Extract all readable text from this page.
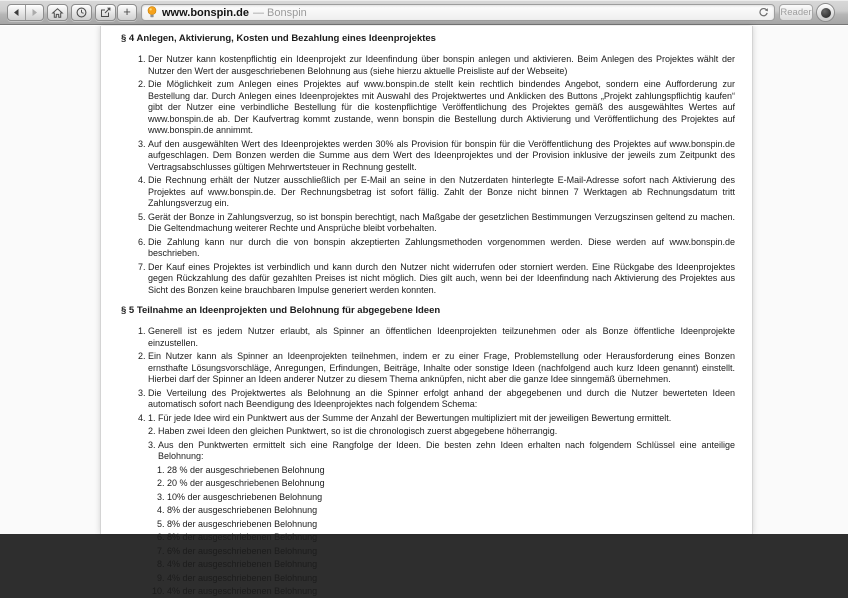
+	www.bonspin.de — Bonspin	Reader
§ 4 Anlegen, Aktivierung, Kosten und Bezahlung eines Ideenprojektes
1. Der Nutzer kann kostenpflichtig ein Ideenprojekt zur Ideenfindung über bonspin anlegen und aktivieren. Beim Anlegen des Projektes wählt der Nutzer den Wert der ausgeschriebenen Belohnung aus (siehe hierzu aktuelle Preisliste auf der Webseite)
2. Die Möglichkeit zum Anlegen eines Projektes auf www.bonspin.de stellt kein rechtlich bindendes Angebot, sondern eine Aufforderung zur Bestellung dar. Durch Anlegen eines Ideenprojektes mit Auswahl des Projektwertes und Anklicken des Buttons „Projekt zahlungspflichtig kaufen“ gibt der Nutzer eine verbindliche Bestellung für die kostenpflichtige Veröffentlichung des Projektes gemäß des ausgewähltes Wertes auf www.bonspin.de ab. Der Kaufvertrag kommt zustande, wenn bonspin die Bestellung durch Aktivierung und Veröffentlichung des Projektes auf www.bonspin.de annimmt.
3. Auf den ausgewählten Wert des Ideenprojektes werden 30% als Provision für bonspin für die Veröffentlichung des Projektes auf www.bonspin.de aufgeschlagen. Dem Bonzen werden die Summe aus dem Wert des Ideenprojektes und der Provision inklusive der jeweils zum Zeitpunkt des Vertragsabschlusses gültigen Mehrwertsteuer in Rechnung gestellt.
4. Die Rechnung erhält der Nutzer ausschließlich per E-Mail an seine in den Nutzerdaten hinterlegte E-Mail-Adresse sofort nach Aktivierung des Projektes auf www.bonspin.de. Der Rechnungsbetrag ist sofort fällig. Zahlt der Bonze nicht binnen 7 Werktagen ab Rechnungsdatum tritt Zahlungsverzug ein.
5. Gerät der Bonze in Zahlungsverzug, so ist bonspin berechtigt, nach Maßgabe der gesetzlichen Bestimmungen Verzugszinsen geltend zu machen. Die Geltendmachung weiterer Rechte und Ansprüche bleibt vorbehalten.
6. Die Zahlung kann nur durch die von bonspin akzeptierten Zahlungsmethoden vorgenommen werden. Diese werden auf www.bonspin.de beschrieben.
7. Der Kauf eines Projektes ist verbindlich und kann durch den Nutzer nicht widerrufen oder storniert werden. Eine Rückgabe des Ideenprojektes gegen Rückzahlung des dafür gezahlten Preises ist nicht möglich. Dies gilt auch, wenn bei der Ideenfindung nach Aktivierung des Projektes aus Sicht des Bonzen keine brauchbaren Impulse generiert werden konnten.
§ 5 Teilnahme an Ideenprojekten und Belohnung für abgegebene Ideen
1. Generell ist es jedem Nutzer erlaubt, als Spinner an öffentlichen Ideenprojekten teilzunehmen oder als Bonze öffentliche Ideenprojekte einzustellen.
2. Ein Nutzer kann als Spinner an Ideenprojekten teilnehmen, indem er zu einer Frage, Problemstellung oder Herausforderung eines Bonzen ernsthafte Lösungsvorschläge, Anregungen, Erfindungen, Beiträge, Inhalte oder sonstige Ideen (nachfolgend auch kurz Ideen genannt) einstellt. Hierbei darf der Spinner an Ideen anderer Nutzer zu diesem Thema anknüpfen, nicht aber die ganze Idee sinngemäß übernehmen.
3. Die Verteilung des Projektwertes als Belohnung an die Spinner erfolgt anhand der abgegebenen und durch die Nutzer bewerteten Ideen automatisch sofort nach Beendigung des Ideenprojektes nach folgendem Schema:
1. 4. Für jede Idee wird ein Punktwert aus der Summe der Anzahl der Bewertungen multipliziert mit der jeweiligen Bewertung ermittelt.
2. Haben zwei Ideen den gleichen Punktwert, so ist die chronologisch zuerst abgegebene höherrangig.
3. Aus den Punktwerten ermittelt sich eine Rangfolge der Ideen. Die besten zehn Ideen erhalten nach folgendem Schlüssel eine anteilige Belohnung:
1. 28 % der ausgeschriebenen Belohnung
2. 20 % der ausgeschriebenen Belohnung
3. 10% der ausgeschriebenen Belohnung
4. 8% der ausgeschriebenen Belohnung
5. 8% der ausgeschriebenen Belohnung
6. 8% der ausgeschriebenen Belohnung
7. 6% der ausgeschriebenen Belohnung
8. 4% der ausgeschriebenen Belohnung
9. 4% der ausgeschriebenen Belohnung
10. 4% der ausgeschriebenen Belohnung
